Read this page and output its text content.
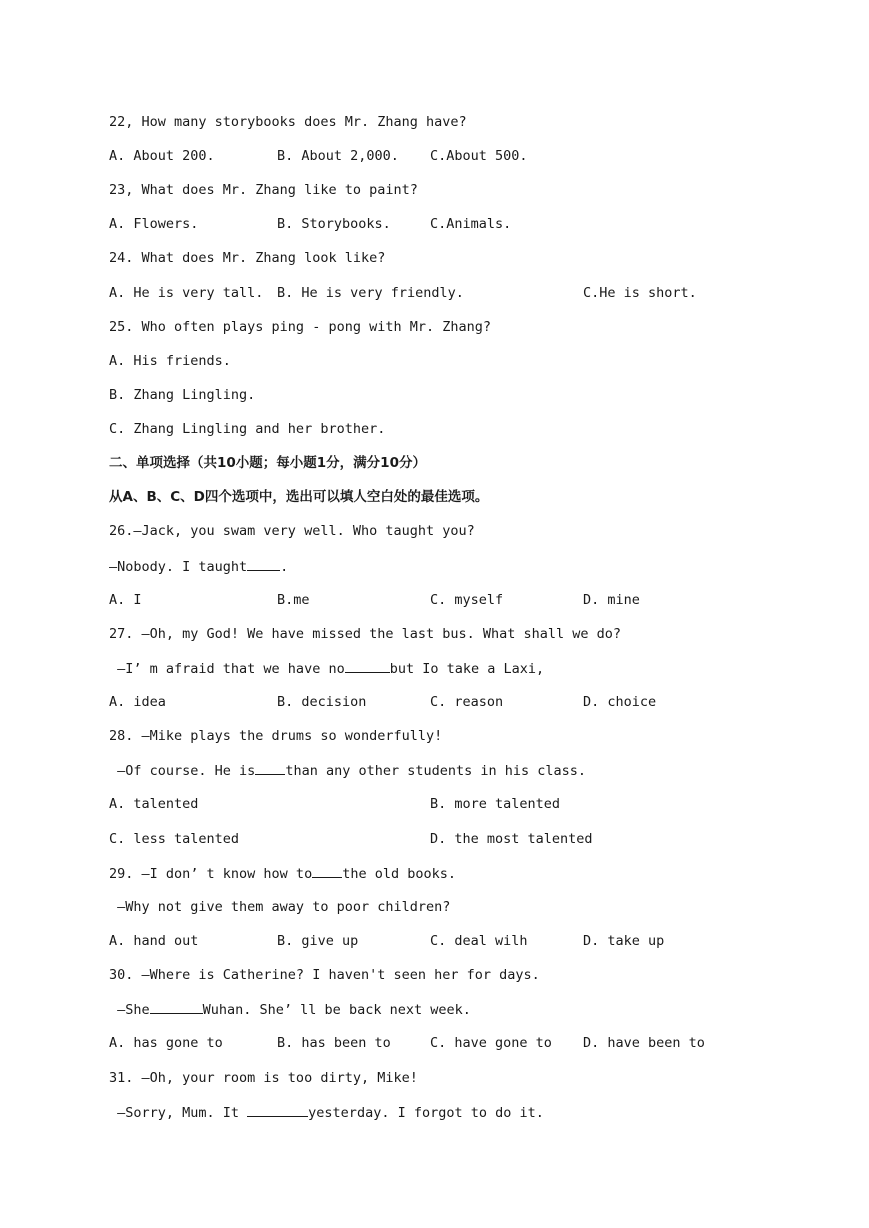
22, How many storybooks does Mr. Zhang have?
A. About 200.	B. About 2,000. C.About 500.
23, What does Mr. Zhang like to paint?
A. Flowers.	B. Storybooks.	C.Animals.
24. What does Mr. Zhang look like?
A. He is very tall. B. He is very friendly.	C.He is short.
25. Who often plays ping - pong with Mr. Zhang?
A. His friends.
B. Zhang Lingling.
C. Zhang Lingling and her brother.
二、单项选择（共10小题；每小题1分，满分10分）
从A、B、C、D四个选项中，选出可以填人空白处的最佳选项。
26.—Jack, you swam very well. Who taught you?
—Nobody. I taught .
A. I	B.me	C. myself	D. mine
27. —Oh, my God! We have missed the last bus. What shall we do?
—I’ m afraid that we have no	but Io take a Laxi,
A. idea	B. decision	C. reason	D. choice
28. —Mike plays the drums so wonderfully!
—Of course. He is than any other students in his class.
A. talented	B. more talented
C. less talented	D. the most talented
29. —I don’ t know how to the old books.
—Why not give them away to poor children?
A. hand out	B. give up	C. deal wilh	D. take up
30. —Where is Catherine? I haven't seen her for days.
—She	Wuhan. She’ ll be back next week.
A. has gone to	B. has been to	C. have gone to D. have been to
31. —Oh, your room is too dirty, Mike!
—Sorry, Mum. It	yesterday. I forgot to do it.
